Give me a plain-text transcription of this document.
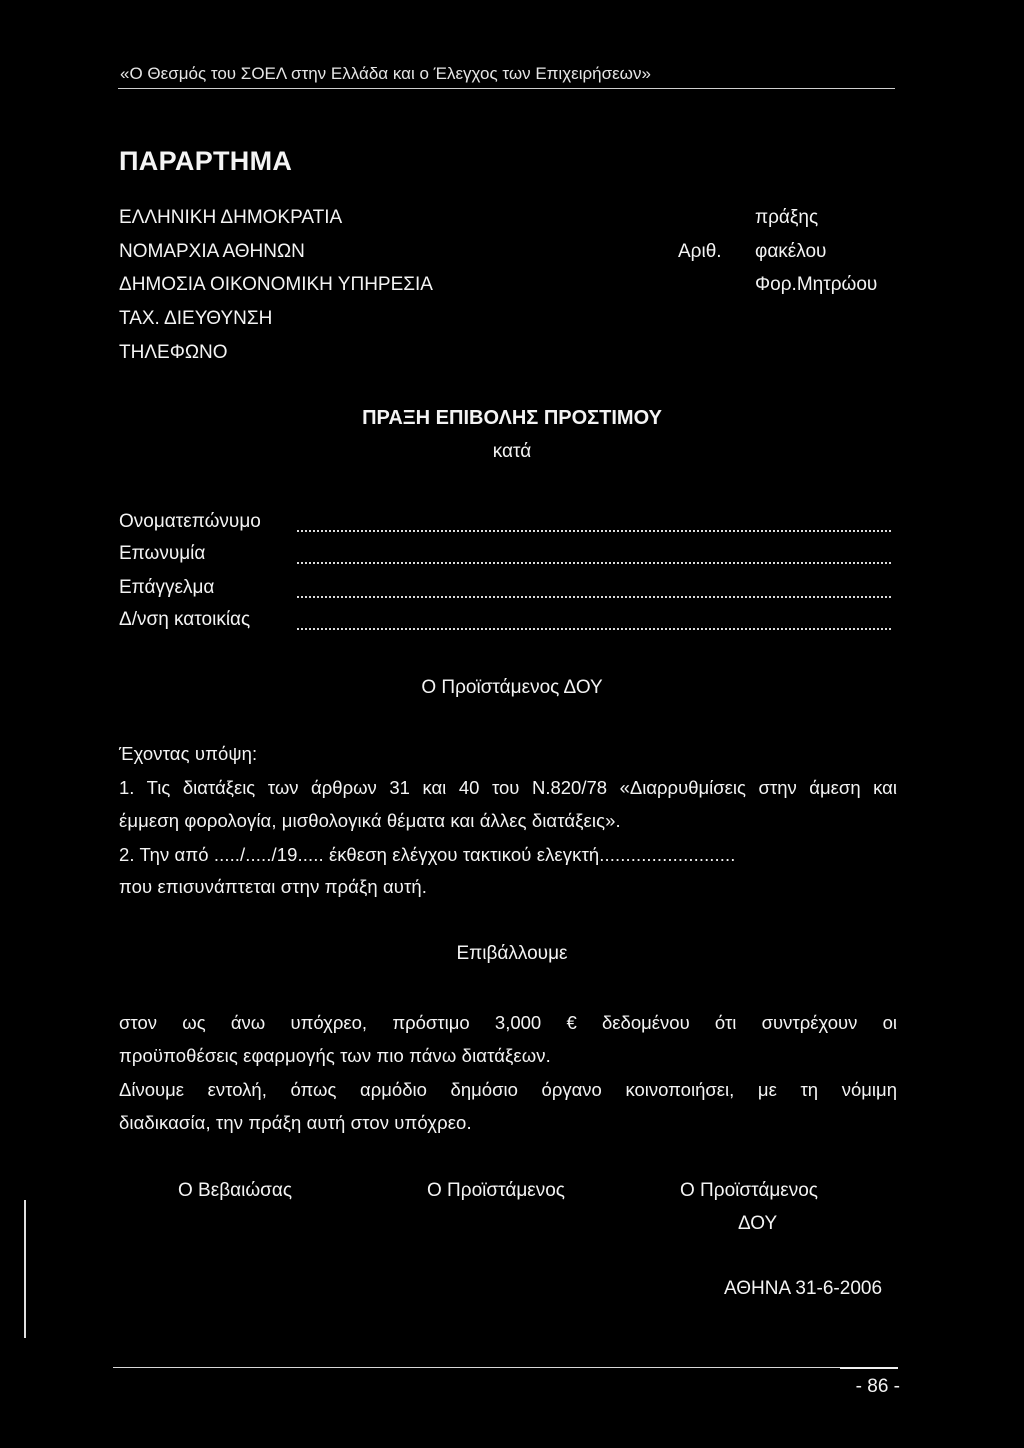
«Ο Θεσμός του ΣΟΕΛ στην Ελλάδα και ο Έλεγχος των Επιχειρήσεων»
ΠΑΡΑΡΤΗΜΑ
ΕΛΛΗΝΙΚΗ ΔΗΜΟΚΡΑΤΙΑ
ΝΟΜΑΡΧΙΑ ΑΘΗΝΩΝ
ΔΗΜΟΣΙΑ ΟΙΚΟΝΟΜΙΚΗ ΥΠΗΡΕΣΙΑ
ΤΑΧ. ΔΙΕΥΘΥΝΣΗ
ΤΗΛΕΦΩΝΟ
πράξης
Αριθ. φακέλου
Φορ.Μητρώου
ΠΡΑΞΗ ΕΠΙΒΟΛΗΣ ΠΡΟΣΤΙΜΟΥ
κατά
Ονοματεπώνυμο
Επωνυμία
Επάγγελμα
Δ/νση κατοικίας
Ο Προϊστάμενος ΔΟΥ
Έχοντας υπόψη:
1. Τις διατάξεις των άρθρων 31 και 40 του Ν.820/78 «Διαρρυθμίσεις στην άμεση και
έμμεση φορολογία, μισθολογικά θέματα και άλλες διατάξεις».
2. Την από ...../...../19..... έκθεση ελέγχου τακτικού ελεγκτή..........................
που επισυνάπτεται στην πράξη αυτή.
Επιβάλλουμε
στον ως άνω υπόχρεο, πρόστιμο 3,000 € δεδομένου ότι συντρέχουν οι
προϋποθέσεις εφαρμογής των πιο πάνω διατάξεων.
Δίνουμε εντολή, όπως αρμόδιο δημόσιο όργανο κοινοποιήσει, με τη νόμιμη
διαδικασία, την πράξη αυτή στον υπόχρεο.
Ο Βεβαιώσας	Ο Προϊστάμενος	Ο Προϊστάμενος
ΔΟΥ
ΑΘΗΝΑ 31-6-2006
- 86 -
